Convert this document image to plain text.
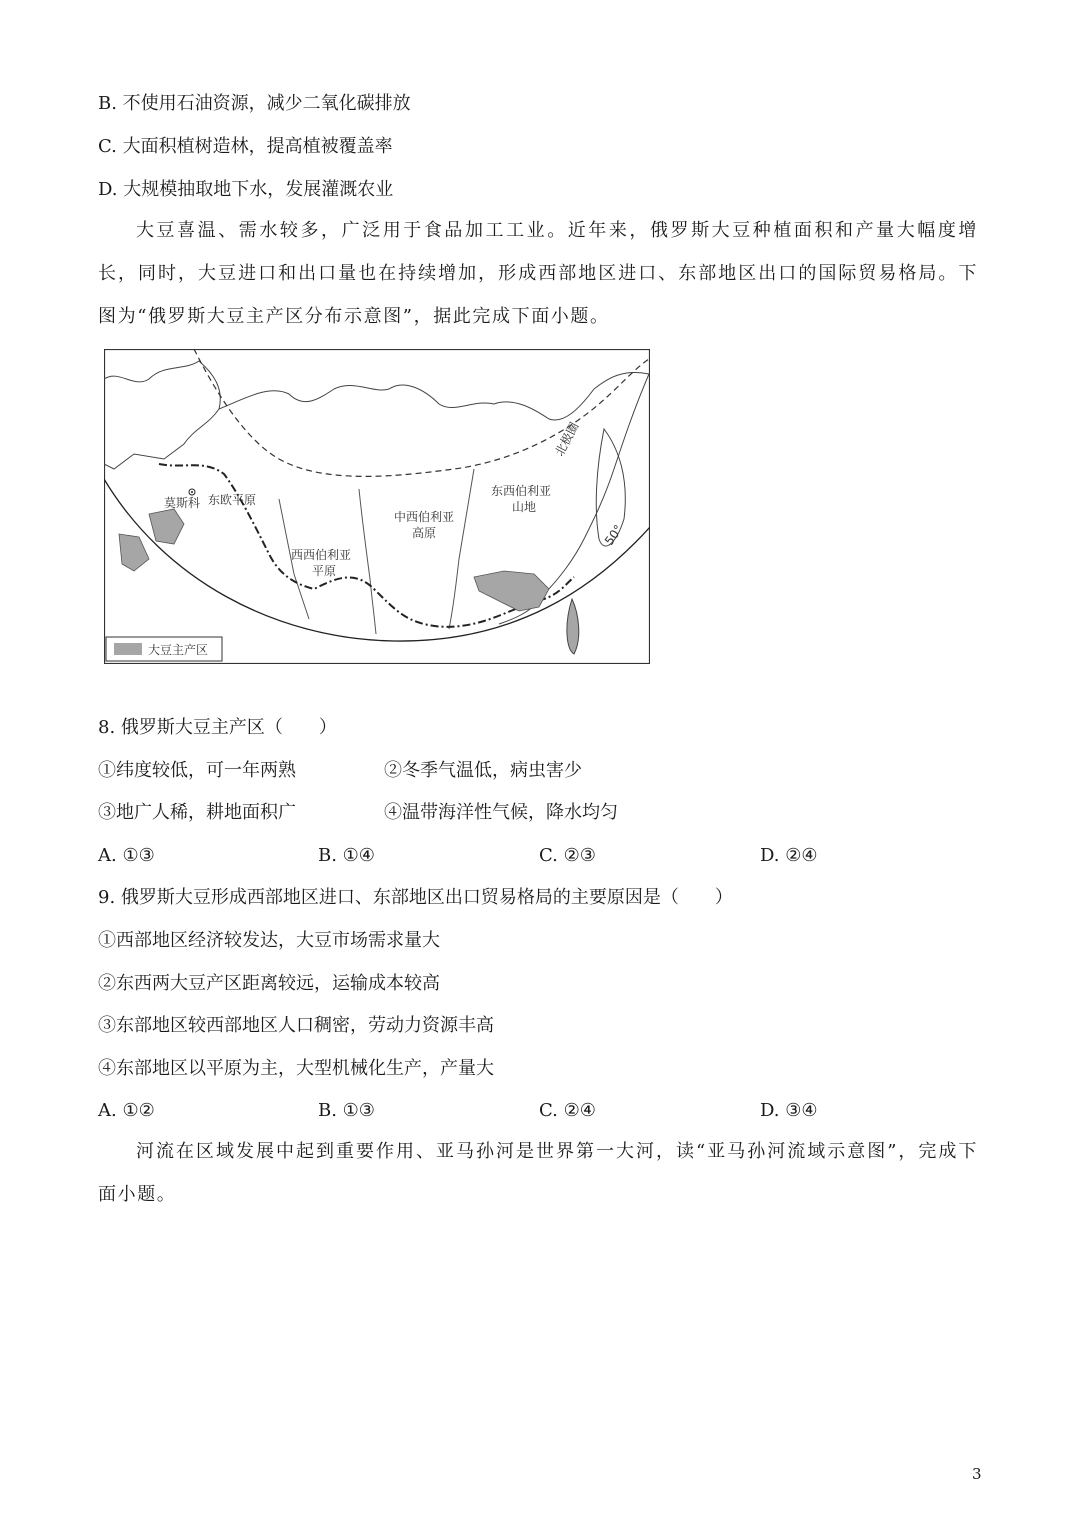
B. 不使用石油资源，减少二氧化碳排放
C. 大面积植树造林，提高植被覆盖率
D. 大规模抽取地下水，发展灌溉农业
大豆喜温、需水较多，广泛用于食品加工工业。近年来，俄罗斯大豆种植面积和产量大幅度增长，同时，大豆进口和出口量也在持续增加，形成西部地区进口、东部地区出口的国际贸易格局。下图为“俄罗斯大豆主产区分布示意图”，据此完成下面小题。
莫斯科 东欧平原
西西伯利亚
平原
中西伯利亚
高原
东西伯利亚
山地
北极圈
50°
大豆主产区
8. 俄罗斯大豆主产区（　　）
①纬度较低，可一年两熟	②冬季气温低，病虫害少
③地广人稀，耕地面积广	④温带海洋性气候，降水均匀
A. ①③	B. ①④	C. ②③	D. ②④
9. 俄罗斯大豆形成西部地区进口、东部地区出口贸易格局的主要原因是（　　）
①西部地区经济较发达，大豆市场需求量大
②东西两大豆产区距离较远，运输成本较高
③东部地区较西部地区人口稠密，劳动力资源丰高
④东部地区以平原为主，大型机械化生产，产量大
A. ①②	B. ①③	C. ②④	D. ③④
河流在区域发展中起到重要作用、亚马孙河是世界第一大河，读“亚马孙河流域示意图”，完成下面小题。
3
